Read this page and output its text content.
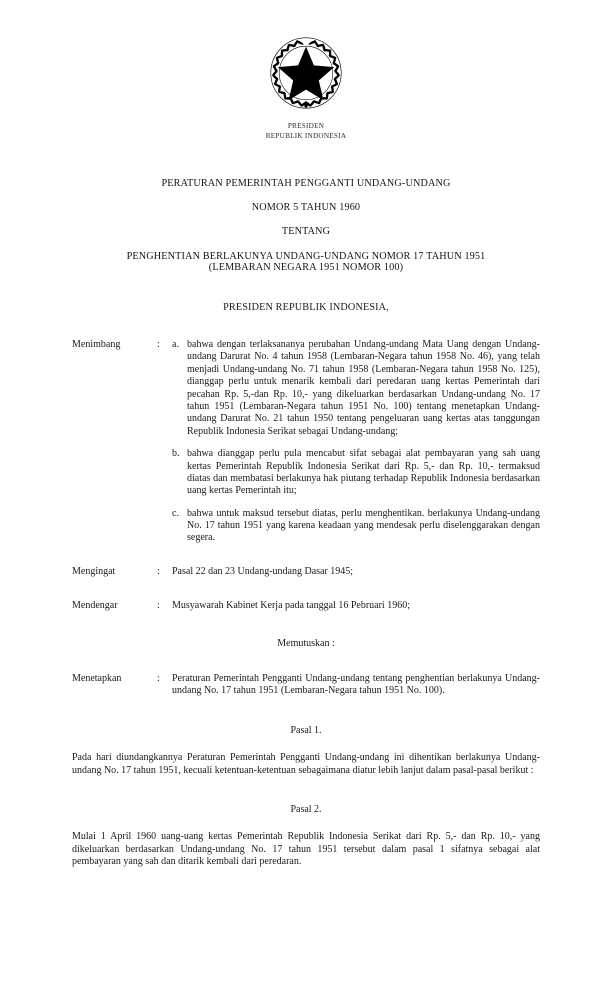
PRESIDEN
REPUBLIK INDONESIA
PERATURAN PEMERINTAH PENGGANTI UNDANG-UNDANG
NOMOR 5 TAHUN 1960
TENTANG
PENGHENTIAN BERLAKUNYA UNDANG-UNDANG NOMOR 17 TAHUN 1951
(LEMBARAN NEGARA 1951 NOMOR 100)
PRESIDEN REPUBLIK INDONESIA,
Menimbang	:	a. bahwa dengan terlaksananya perubahan Undang-undang Mata Uang dengan Undang-undang Darurat No. 4 tahun 1958 (Lembaran-Negara tahun 1958 No. 46), yang telah menjadi Undang-undang No. 71 tahun 1958 (Lembaran-Negara tahun 1958 No. 125), dianggap perlu untuk menarik kembali dari peredaran uang kertas Pemerintah dari pecahan Rp. 5,-dan Rp. 10,- yang dikeluarkan berdasarkan Undang-undang No. 17 tahun 1951 (Lembaran-Negara tahun 1951 No. 100) tentang menetapkan Undang-undang Darurat No. 21 tahun 1950 tentang pengeluaran uang kertas atas tanggungan Republik Indonesia Serikat sebagai Undang-undang;
b. bahwa dianggap perlu pula mencabut sifat sebagai alat pembayaran yang sah uang kertas Pemerintah Republik Indonesia Serikat dari Rp. 5,- dan Rp. 10,- termaksud diatas dan membatasi berlakunya hak piutang terhadap Republik Indonesia berdasarkan uang kertas Pemerintah itu;
c. bahwa untuk maksud tersebut diatas, perlu menghentikan. berlakunya Undang-undang No. 17 tahun 1951 yang karena keadaan yang mendesak perlu diselenggarakan dengan segera.
Mengingat	:	Pasal 22 dan 23 Undang-undang Dasar 1945;
Mendengar	:	Musyawarah Kabinet Kerja pada tanggal 16 Pebruari 1960;
Memutuskan :
Menetapkan	:	Peraturan Pemerintah Pengganti Undang-undang tentang penghentian berlakunya Undang-undang No. 17 tahun 1951 (Lembaran-Negara tahun 1951 No. 100).
Pasal 1.
Pada hari diundangkannya Peraturan Pemerintah Pengganti Undang-undang ini dihentikan berlakunya Undang-undang No. 17 tahun 1951, kecuali ketentuan-ketentuan sebagaimana diatur lebih lanjut dalam pasal-pasal berikut :
Pasal 2.
Mulai 1 April 1960 uang-uang kertas Pemerintah Republik Indonesia Serikat dari Rp. 5,- dan Rp. 10,- yang dikeluarkan berdasarkan Undang-undang No. 17 tahun 1951 tersebut dalam pasal 1 sifatnya sebagai alat pembayaran yang sah dan ditarik kembali dari peredaran.
